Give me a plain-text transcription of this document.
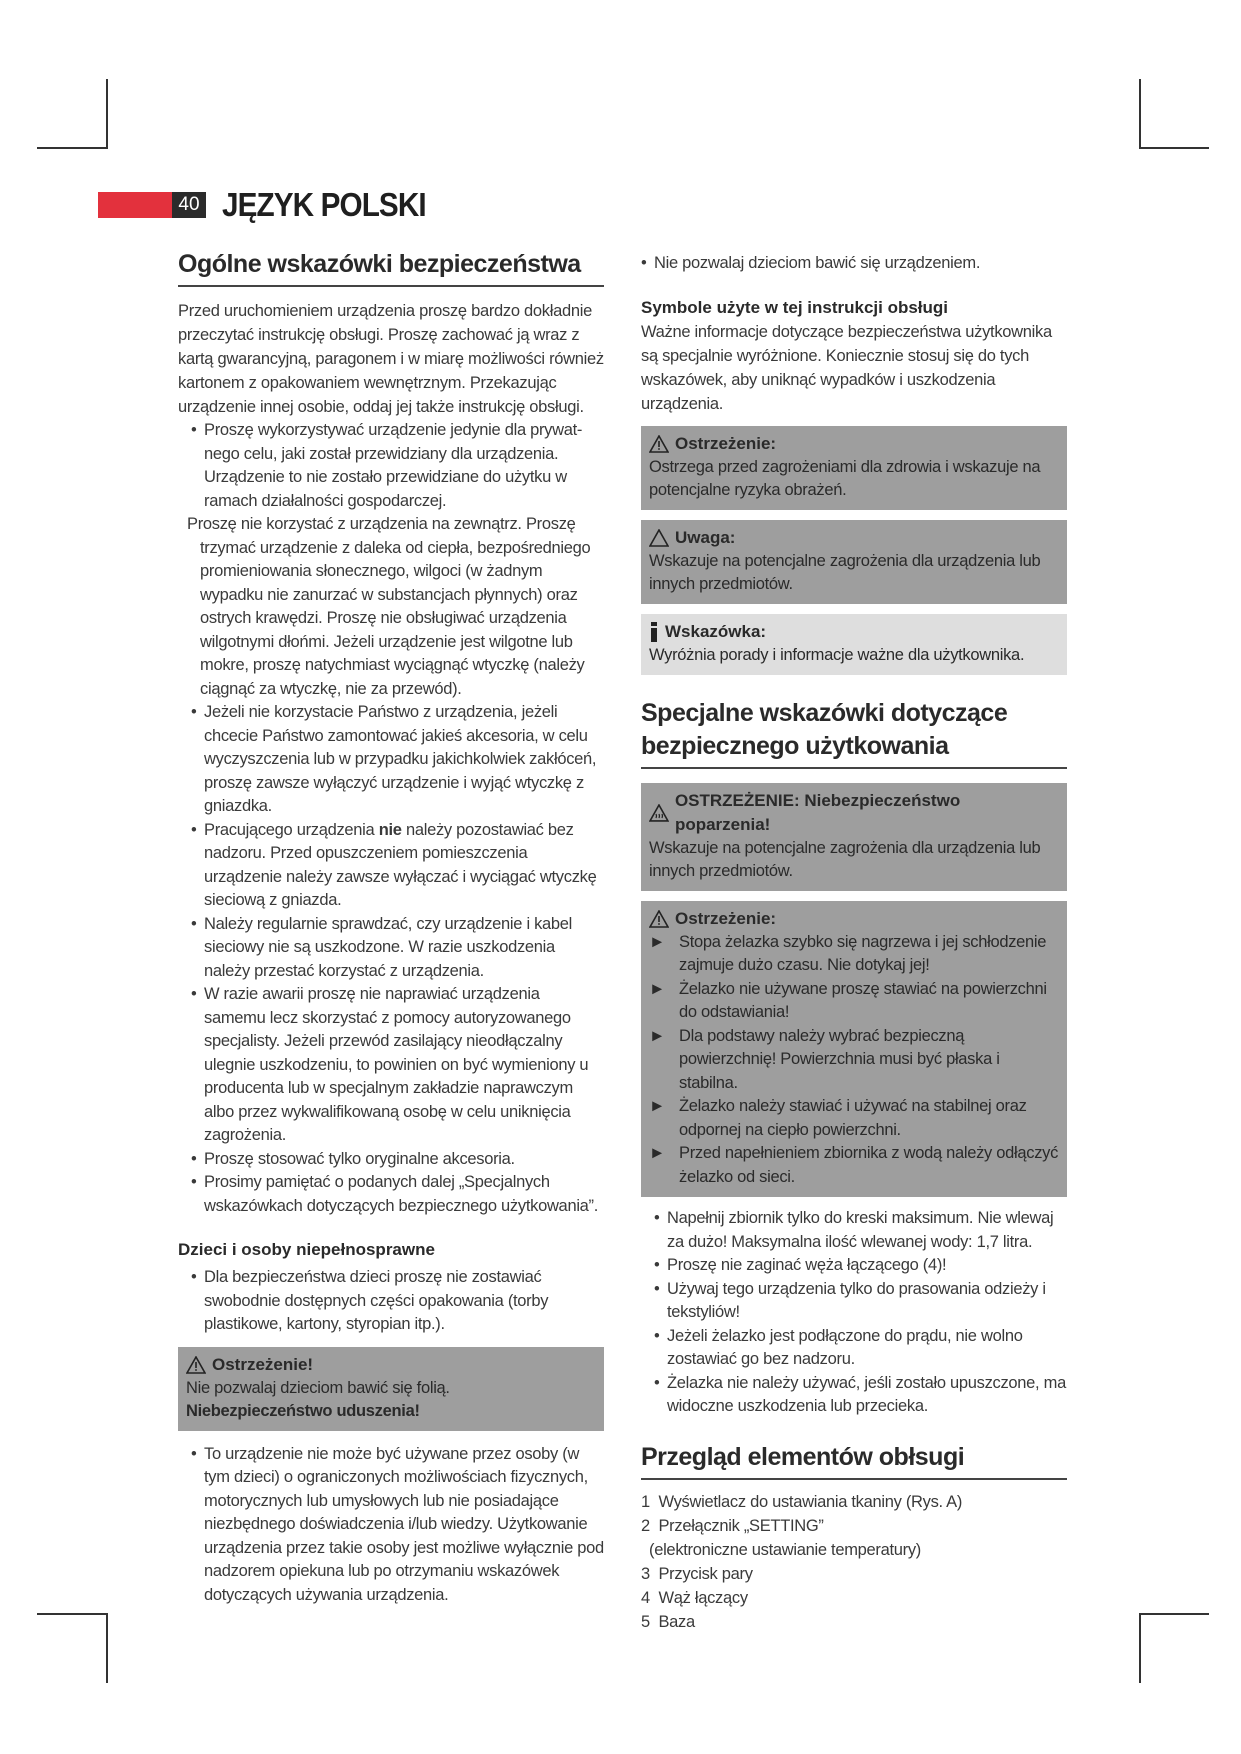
40 JĘZYK POLSKI
Ogólne wskazówki bezpieczeństwa

Przed uruchomieniem urządzenia proszę bardzo dokładnie przeczytać instrukcję obsługi. Proszę zachować ją wraz z kartą gwarancyjną, paragonem i w miarę możliwości również kartonem z opakowaniem wewnętrznym. Przekazując urządzenie innej osobie, oddaj jej także instrukcję obsługi.

• Proszę wykorzystywać urządzenie jedynie dla prywat-nego celu, jaki został przewidziany dla urządzenia. Urządzenie to nie zostało przewidziane do użytku w ramach działalności gospodarczej.
Proszę nie korzystać z urządzenia na zewnątrz. Proszę trzymać urządzenie z daleka od ciepła, bezpośredniego promieniowania słonecznego, wilgoci (w żadnym wypadku nie zanurzać w substancjach płynnych) oraz ostrych krawędzi. Proszę nie obsługiwać urządzenia wilgotnymi dłońmi. Jeżeli urządzenie jest wilgotne lub mokre, proszę natychmiast wyciągnąć wtyczkę (należy ciągnąć za wtyczkę, nie za przewód).
• Jeżeli nie korzystacie Państwo z urządzenia, jeżeli chcecie Państwo zamontować jakieś akcesoria, w celu wyczyszczenia lub w przypadku jakichkolwiek zakłóceń, proszę zawsze wyłączyć urządzenie i wyjąć wtyczkę z gniazdka.
• Pracującego urządzenia nie należy pozostawiać bez nadzoru. Przed opuszczeniem pomieszczenia urządzenie należy zawsze wyłączać i wyciągać wtyczkę sieciową z gniazda.
• Należy regularnie sprawdzać, czy urządzenie i kabel sieciowy nie są uszkodzone. W razie uszkodzenia należy przestać korzystać z urządzenia.
• W razie awarii proszę nie naprawiać urządzenia samemu lecz skorzystać z pomocy autoryzowanego specjalisty. Jeżeli przewód zasilający nieodłączalny ulegnie uszkodzeniu, to powinien on być wymieniony u producenta lub w specjalnym zakładzie naprawczym albo przez wykwalifikowaną osobę w celu uniknięcia zagrożenia.
• Proszę stosować tylko oryginalne akcesoria.
• Prosimy pamiętać o podanych dalej „Specjalnych wskazówkach dotyczących bezpiecznego użytkowania”.
Dzieci i osoby niepełnosprawne
• Dla bezpieczeństwa dzieci proszę nie zostawiać swobodnie dostępnych części opakowania (torby plastikowe, kartony, styropian itp.).
Ostrzeżenie!

Nie pozwalaj dzieciom bawić się folią. Niebezpieczeństwo uduszenia!

• To urządzenie nie może być używane przez osoby (w tym dzieci) o ograniczonych możliwościach fizycznych, motorycznych lub umysłowych lub nie posiadające niezbędnego doświadczenia i/lub wiedzy. Użytkowanie urządzenia przez takie osoby jest możliwe wyłącznie pod nadzorem opiekuna lub po otrzymaniu wskazówek dotyczących używania urządzenia.
• Nie pozwalaj dzieciom bawić się urządzeniem.
Symbole użyte w tej instrukcji obsługi

Ważne informacje dotyczące bezpieczeństwa użytkownika są specjalnie wyróżnione. Koniecznie stosuj się do tych wskazówek, aby uniknąć wypadków i uszkodzenia urządzenia.

Ostrzeżenie:

Ostrzega przed zagrożeniami dla zdrowia i wskazuje na potencjalne ryzyka obrażeń.

Uwaga:

Wskazuje na potencjalne zagrożenia dla urządzenia lub innych przedmiotów.

Wskazówka:

Wyróżnia porady i informacje ważne dla użytkownika.

Specjalne wskazówki dotyczące bezpiecznego użytkowania
OSTRZEŻENIE: Niebezpieczeństwo poparzenia!

Wskazuje na potencjalne zagrożenia dla urządzenia lub innych przedmiotów.

Ostrzeżenie:
► Stopa żelazka szybko się nagrzewa i jej schłodzenie zajmuje dużo czasu. Nie dotykaj jej!
► Żelazko nie używane proszę stawiać na powierzchni do odstawiania!
► Dla podstawy należy wybrać bezpieczną powierzchnię! Powierzchnia musi być płaska i stabilna.
► Żelazko należy stawiać i używać na stabilnej oraz odpornej na ciepło powierzchni.
► Przed napełnieniem zbiornika z wodą należy odłączyć żelazko od sieci.
• Napełnij zbiornik tylko do kreski maksimum. Nie wlewaj za dużo! Maksymalna ilość wlewanej wody: 1,7 litra.
• Proszę nie zaginać węża łączącego (4)!
• Używaj tego urządzenia tylko do prasowania odzieży i tekstyliów!
• Jeżeli żelazko jest podłączone do prądu, nie wolno zostawiać go bez nadzoru.
• Żelazka nie należy używać, jeśli zostało upuszczone, ma widoczne uszkodzenia lub przecieka.
Przegląd elementów obłsugi
1 Wyświetlacz do ustawiania tkaniny (Rys. A)
2 Przełącznik „SETTING”
(elektroniczne ustawianie temperatury)
3 Przycisk pary
4 Wąż łączący
5 Baza
